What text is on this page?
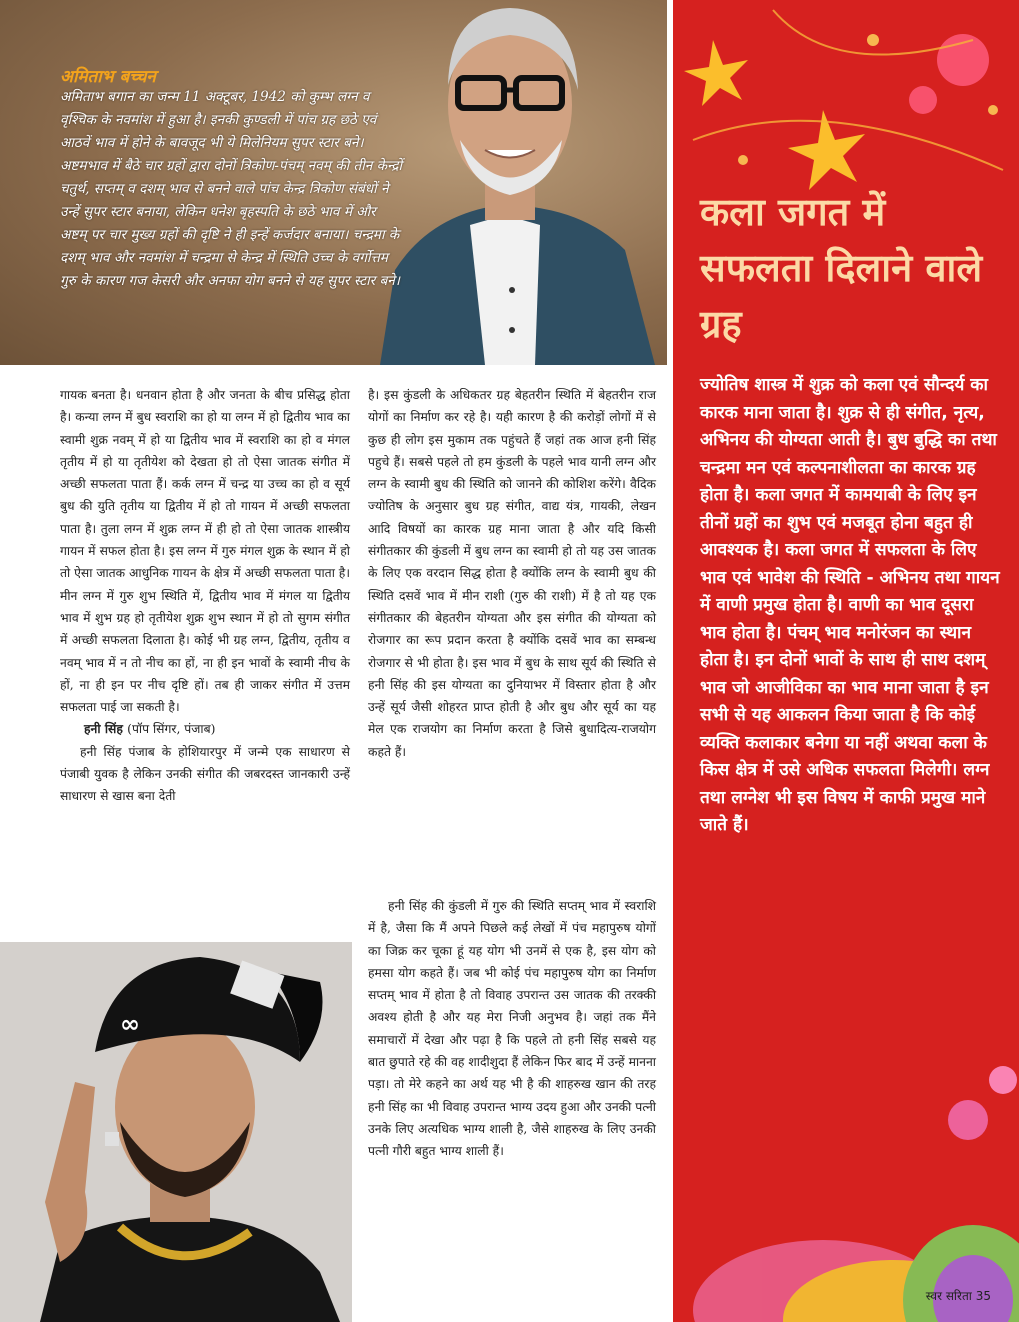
अमिताभ बच्चन
अमिताभ बगान का जन्म 11 अक्टूबर, 1942 को कुम्भ लग्न व वृश्चिक के नवमांश में हुआ है। इनकी कुण्डली में पांच ग्रह छठे एवं आठवें भाव में होने के बावजूद भी ये मिलेनियम सुपर स्टार बने। अष्टमभाव में बैठे चार ग्रहों द्वारा दोनों त्रिकोण-पंचम् नवम् की तीन केन्द्रों चतुर्थ, सप्तम् व दशम् भाव से बनने वाले पांच केन्द्र त्रिकोण संबंधों ने उन्हें सुपर स्टार बनाया, लेकिन धनेश बृहस्पति के छठे भाव में और अष्टम् पर चार मुख्य ग्रहों की दृष्टि ने ही इन्हें कर्जदार बनाया। चन्द्रमा के दशम् भाव और नवमांश में चन्द्रमा से केन्द्र में स्थिति उच्च के वर्गोत्तम गुरु के कारण गज केसरी और अनफा योग बनने से यह सुपर स्टार बने।

गायक बनता है। धनवान होता है और जनता के बीच प्रसिद्ध होता है। कन्या लग्न में बुध स्वराशि का हो या लग्न में हो द्वितीय भाव का स्वामी शुक्र नवम् में हो या द्वितीय भाव में स्वराशि का हो व मंगल तृतीय में हो या तृतीयेश को देखता हो तो ऐसा जातक संगीत में अच्छी सफलता पाता हैं। कर्क लग्न में चन्द्र या उच्च का हो व सूर्य बुध की युति तृतीय या द्वितीय में हो तो गायन में अच्छी सफलता पाता है। तुला लग्न में शुक्र लग्न में ही हो तो ऐसा जातक शास्त्रीय गायन में सफल होता है। इस लग्न में गुरु मंगल शुक्र के स्थान में हो तो ऐसा जातक आधुनिक गायन के क्षेत्र में अच्छी सफलता पाता है। मीन लग्न में गुरु शुभ स्थिति में, द्वितीय भाव में मंगल या द्वितीय भाव में शुभ ग्रह हो तृतीयेश शुक्र शुभ स्थान में हो तो सुगम संगीत में अच्छी सफलता दिलाता है। कोई भी ग्रह लग्न, द्वितीय, तृतीय व नवम् भाव में न तो नीच का हों, ना ही इन भावों के स्वामी नीच के हों, ना ही इन पर नीच दृष्टि हों। तब ही जाकर संगीत में उत्तम सफलता पाई जा सकती है।

हनी सिंह (पॉप सिंगर, पंजाब)

हनी सिंह पंजाब के होशियारपुर में जन्मे एक साधारण से पंजाबी युवक है लेकिन उनकी संगीत की जबरदस्त जानकारी उन्हें साधारण से खास बना देती

है। इस कुंडली के अधिकतर ग्रह बेहतरीन स्थिति में बेहतरीन राज योगों का निर्माण कर रहे है। यही कारण है की करोड़ों लोगों में से कुछ ही लोग इस मुकाम तक पहुंचते हैं जहां तक आज हनी सिंह पहुचे हैं। सबसे पहले तो हम कुंडली के पहले भाव यानी लग्न और लग्न के स्वामी बुध की स्थिति को जानने की कोशिश करेंगे। वैदिक ज्योतिष के अनुसार बुध ग्रह संगीत, वाद्य यंत्र, गायकी, लेखन आदि विषयों का कारक ग्रह माना जाता है और यदि किसी संगीतकार की कुंडली में बुध लग्न का स्वामी हो तो यह उस जातक के लिए एक वरदान सिद्ध होता है क्योंकि लग्न के स्वामी बुध की स्थिति दसवें भाव में मीन राशी (गुरु की राशी) में है तो यह एक संगीतकार की बेहतरीन योग्यता और इस संगीत की योग्यता को रोजगार का रूप प्रदान करता है क्योंकि दसवें भाव का सम्बन्ध रोजगार से भी होता है। इस भाव में बुध के साथ सूर्य की स्थिति से हनी सिंह की इस योग्यता का दुनियाभर में विस्तार होता है और उन्हें सूर्य जैसी शोहरत प्राप्त होती है और बुध और सूर्य का यह मेल एक राजयोग का निर्माण करता है जिसे बुधादित्य-राजयोग कहते हैं।

हनी सिंह की कुंडली में गुरु की स्थिति सप्तम् भाव में स्वराशि में है, जैसा कि मैं अपने पिछले कई लेखों में पंच महापुरुष योगों का जिक्र कर चूका हूं यह योग भी उनमें से एक है, इस योग को हमसा योग कहते हैं। जब भी कोई पंच महापुरुष योग का निर्माण सप्तम् भाव में होता है तो विवाह उपरान्त उस जातक की तरक्की अवश्य होती है और यह मेरा निजी अनुभव है। जहां तक मैंने समाचारों में देखा और पढ़ा है कि पहले तो हनी सिंह सबसे यह बात छुपाते रहे की वह शादीशुदा हैं लेकिन फिर बाद में उन्हें मानना पड़ा। तो मेरे कहने का अर्थ यह भी है की शाहरुख खान की तरह हनी सिंह का भी विवाह उपरान्त भाग्य उदय हुआ और उनकी पत्नी उनके लिए अत्यधिक भाग्य शाली है, जैसे शाहरुख के लिए उनकी पत्नी गौरी बहुत भाग्य शाली हैं।

∞
कला जगत में सफलता दिलाने वाले ग्रह
ज्योतिष शास्त्र में शुक्र को कला एवं सौन्दर्य का कारक माना जाता है। शुक्र से ही संगीत, नृत्य, अभिनय की योग्यता आती है। बुध बुद्धि का तथा चन्द्रमा मन एवं कल्पनाशीलता का कारक ग्रह होता है। कला जगत में कामयाबी के लिए इन तीनों ग्रहों का शुभ एवं मजबूत होना बहुत ही आवश्यक है। कला जगत में सफलता के लिए भाव एवं भावेश की स्थिति - अभिनय तथा गायन में वाणी प्रमुख होता है। वाणी का भाव दूसरा भाव होता है। पंचम् भाव मनोरंजन का स्थान होता है। इन दोनों भावों के साथ ही साथ दशम् भाव जो आजीविका का भाव माना जाता है इन सभी से यह आकलन किया जाता है कि कोई व्यक्ति कलाकार बनेगा या नहीं अथवा कला के किस क्षेत्र में उसे अधिक सफलता मिलेगी। लग्न तथा लग्नेश भी इस विषय में काफी प्रमुख माने जाते हैं।
स्वर सरिता 35
